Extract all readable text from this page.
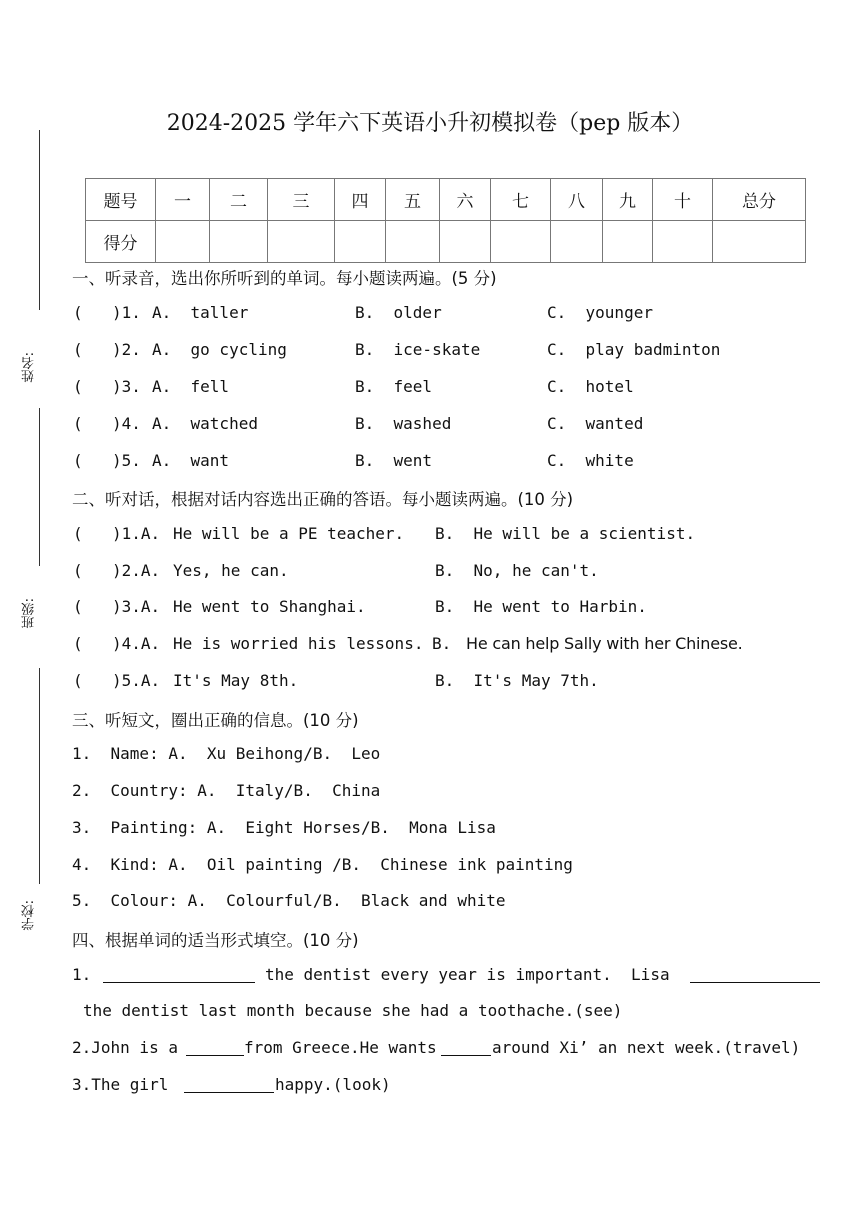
姓名:
班级:
学校:
2024-2025 学年六下英语小升初模拟卷（pep 版本）
题号	一	二	三	四	五	六	七	八	九	十	总分
得分											
一、听录音，选出你所听到的单词。每小题读两遍。(5 分)
( )1. A.  taller	B.  older	C.  younger
( )2. A.  go cycling	B.  ice-skate	C.  play badminton
( )3. A.  fell	B.  feel	C.  hotel
( )4. A.  watched	B.  washed	C.  wanted
( )5. A.  want	B.  went	C.  white
二、听对话，根据对话内容选出正确的答语。每小题读两遍。(10 分)
( )1.A. He will be a PE teacher. B.  He will be a scientist.
( )2.A. Yes, he can.	B.  No, he can't.
( )3.A. He went to Shanghai.	B.  He went to Harbin.
( )4.A. He is worried his lessons. B. He can help Sally with her Chinese.
( )5.A. It's May 8th.	B.  It's May 7th.
三、听短文，圈出正确的信息。(10 分)
1.  Name: A.  Xu Beihong/B.  Leo
2.  Country: A.  Italy/B.  China
3.  Painting: A.  Eight Horses/B.  Mona Lisa
4.  Kind: A.  Oil painting /B.  Chinese ink painting
5.  Colour: A.  Colourful/B.  Black and white
四、根据单词的适当形式填空。(10 分)
1.	the dentist every year is important.  Lisa
the dentist last month because she had a toothache.(see)
2.John is a	from Greece.He wants	around Xi’ an next week.(travel)
3.The girl	happy.(look)
